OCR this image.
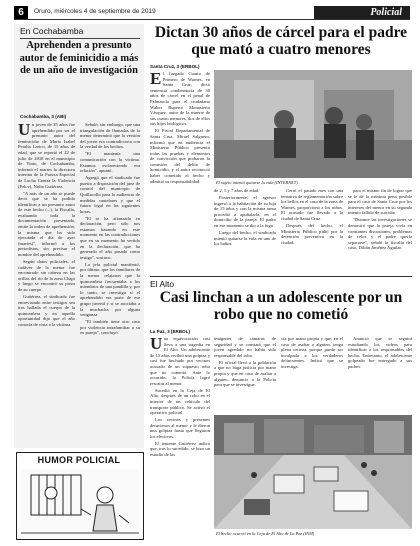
6	Oruro, miércoles 4 de septiembre de 2019	Policial
En Cochabamba
Aprehenden a presunto autor de feminicidio a más de un año de investigación
Cochabamba, 3 (ABI)
U n joven de 35 años fue aprehendido por ser el presunto autor del feminicidio de María Isabel Peralta Larico, de 15 años de edad, que se reportó el 22 de julio de 2018 en el municipio de Vinto, de Cochabamba, informó el martes la directora interina de la Fuerza Especial de Lucha Contra la Violencia (Felcv), Nidia Gutiérrez.

"A más de un año se puede decir que se ha podido identificar a un presunto autor de este hecho (...), la Fiscalía, evaluando toda la documentación presentada, emite la orden de aprehensión, la misma que ha sido ejecutada el día de ayer (martes)", informó a los periodistas, sin precisar el nombre del aprehendido.

Según datos policiales, el cadáver de la menor fue encontrado sin cabeza en las orillas del río de la zona Chapi y luego se encontró su pieza de su cuerpo.

Gutiérrez, el sindicado fue entrevistado entre testigos sea tras hallada el cuerpo de la quinceañera y en aquella oportunidad dijo que el año conocía de vista a la víctima.

Señaló, sin embargo, que una triangulación de llamadas de la menor determinó que la versión del joven era contradictoria con la verdad de los hechos.

"El mantenía una comunicación con la víctima. Estamos esclareciendo esa relación", apuntó.

Agregó que el sindicado fue puesto a disposición del juez de control del municipio de Quillacollo para la audiencia de medidas cautelares y que el futuro legal en las siguientes horas.

"El se ha afianzado en declaración, pero sólo nos estamos basando en este momento en las contradicciones que en su momento ha vertido en la declaración, que ha generado el año pasado como testigo", sostuvo.

La jefa policial manifestó, por último, que los familiares de la menor relataron que la quinceañera frecuentaba a los miembros de una pandilla y, por lo tanto, se investiga si el aprehendido era parte de ese grupo juvenil y si se asociaba a la muchacha por alguna venganza.

"El también tiene otro caso por violencia intrafamiliar a su ex pareja", concluyó.

HUMOR POLICIAL
Dictan 30 años de cárcel para el padre que mató a cuatro menores
Santa Cruz, 3 (ERBOL)
E l Juzgado Cuarto de Primero de Warnes, en Santa Cruz, dictó sentencia condenatoria de 30 años de cárcel en el penal de Palmasola para el ciudadano Walter Ruperto Monasterio Vásquez, autor de la muerte de sus cuatro menores, dos de ellos sus hijos biológicos.

El Fiscal Departamental de Santa Cruz, Mirael Salguero, informó que en audiencia el Ministerio Público presentó todas las pruebas y elementos de convicción que probaron la comisión del delito de homicidio, y el autor reconoció haber cometido el hecho y admitió su responsabilidad.	El sujeto intentó quitarse la vida (INTERNET)

de 2, 5 y 7 años de edad.

Posteriormente, el agresor ingresó a la habitación de su hija de 15 años y con la misma arma procedió a apuñalarla, en el domicilio de la pareja. El padre en ese momento se dio a la fuga.

Luego del hecho, el sindicado intentó quitarse la vida en uno de los baños.

Cerró el pasado mes con una tentativa de reglamentación sobre los bellos en el caso de la zona de Warnes, proporcionó a los niños. El acusado fue llevado a la ciudad de Santa Cruz.

Después del hecho, el Ministerio Público pidió por la detención preventiva en la ciudad.

para el mismo fin de lograr que se le dé la máxima pena posible para el caso de Santa Cruz por los intereses del menor en su segunda intento fallido de suicidio.

"Durante las investigaciones se demostró que la pareja vivía en constantes discusiones, problemas de celos y el padre quería separarse", señaló la fiscalía del caso, Dilián Jiménez Aguilar.

El Alto
Casi linchan a un adolescente por un robo que no cometió
La Paz, 3 (ERBOL)
U na equivocación casi lleva a una tragedia en El Alto. Un adolescente de 15 años recibió una golpiza y casi fue linchado por vecinos acusado de un supuesto robo que no cometió. Ante lo ocurrido, la Policía logró rescatar al menor.

Sucedió en la Ceja de El Alto, después de un robo en el interior de un vehículo del transporte público. Se activó el operativo policial.

Los vecinos y presentes detuvieron al menor y le dieron una golpiza hasta que llegaron los efectivos.

El teniente Gutiérrez indicó que, tras lo sucedido, se hizo un estudio de las

imágenes de cámaras de seguridad y se constató que el joven agredido no había sido responsable del robo.

El oficial llevó a la población a que no haga justicia por mano propia y que en caso de asaltar a alguien, denuncie a la Policía para que se investigue.

cia por mano propia y que, en el caso de asaltar a alguien, tenga plena certeza, porque puede ser inculpado a los verdaderos delincuentes. Indicó que se investiga.

Anunció que se seguirá estudiando los videos para identificar a los responsables del hecho. Entretanto, el adolescente golpeado fue entregado a sus padres.

El hecho ocurrió en la Ceja de El Alto de La Paz (INM)
